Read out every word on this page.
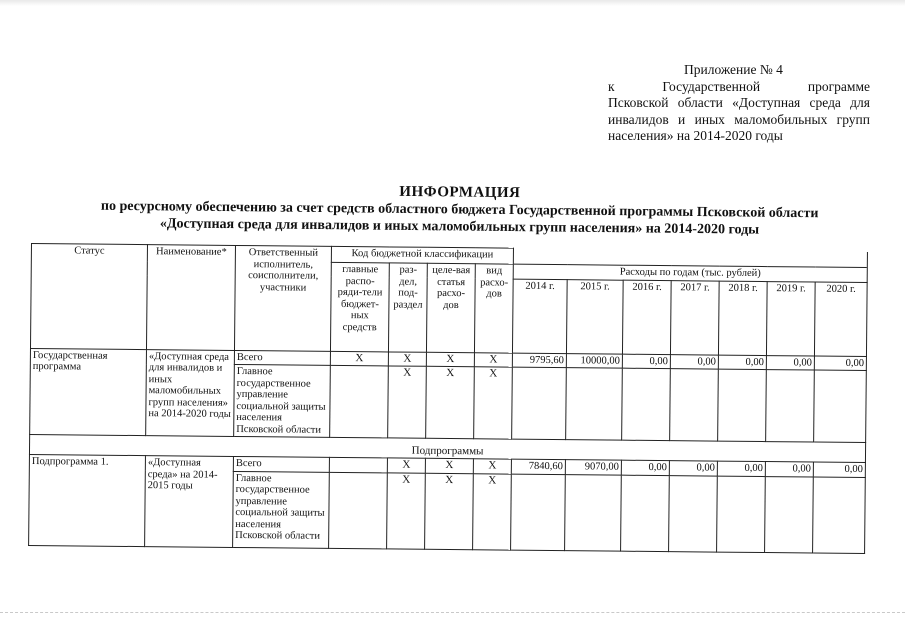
Приложение № 4
к	Государственной	программе
Псковской области «Доступная среда для инвалидов и иных маломобильных групп населения» на 2014-2020 годы
ИНФОРМАЦИЯ
по ресурсному обеспечению за счет средств областного бюджета Государственной программы Псковской области
«Доступная среда для инвалидов и иных маломобильных групп населения» на 2014-2020 годы
Статус	Наименование*	Ответственный исполнитель, соисполнители, участники	Код бюджетной классификации										
			главные распо-ряди-тели бюджет-ных средств	раз-дел, под-раздел	целе-вая статья расхо-дов	вид расхо-дов	Расходы по годам (тыс. рублей)						
							2014 г.	2015 г.	2016 г.	2017 г.	2018 г.	2019 г.	2020 г.
Государственная программа	«Доступная среда для инвалидов и иных маломобильных групп населения» на 2014-2020 годы	Всего	X	X	X	X	9795,60	10000,00	0,00	0,00	0,00	0,00	0,00
		Главное государственное управление социальной защиты населения Псковской области		X	X	X							
Подпрограммы													
Подпрограмма 1.	«Доступная среда» на 2014-2015 годы	Всего		X	X	X	7840,60	9070,00	0,00	0,00	0,00	0,00	0,00
		Главное государственное управление социальной защиты населения Псковской области		X	X	X							
